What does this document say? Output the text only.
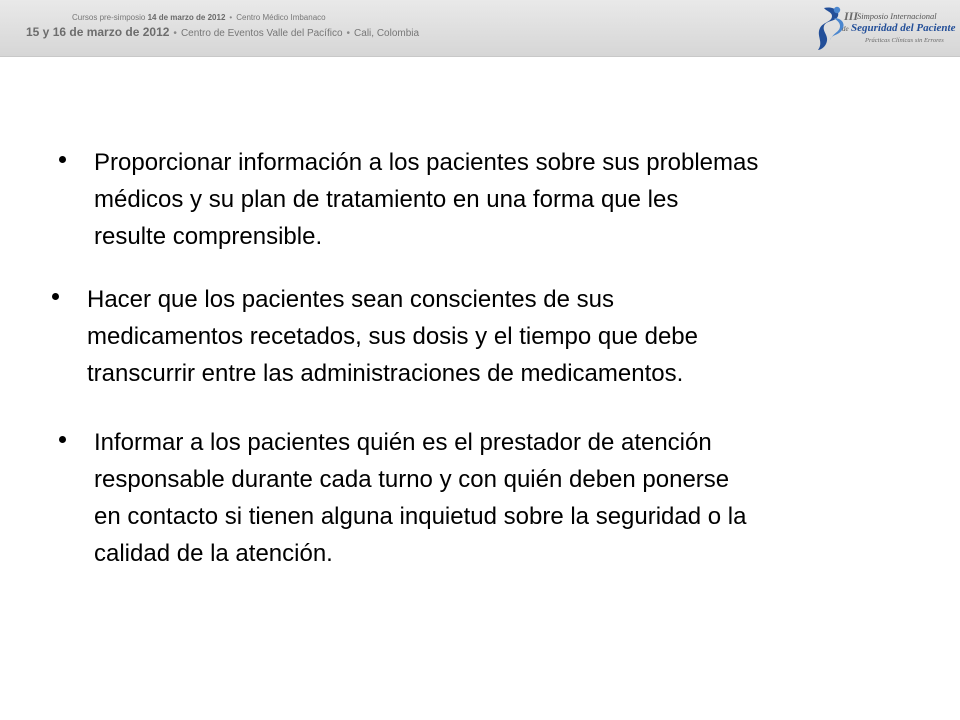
Cursos pre-simposio 14 de marzo de 2012 • Centro Médico Imbanaco
15 y 16 de marzo de 2012 • Centro de Eventos Valle del Pacífico • Cali, Colombia
III
Simposio Internacional
de Seguridad del Paciente
Prácticas Clínicas sin Errores
Proporcionar información a los pacientes sobre sus problemas
médicos y su plan de tratamiento en una forma que les
resulte comprensible.
Hacer que los pacientes sean conscientes de sus
medicamentos recetados, sus dosis y el tiempo que debe
transcurrir entre las administraciones de medicamentos.
Informar a los pacientes quién es el prestador de atención
responsable durante cada turno y con quién deben ponerse
en contacto si tienen alguna inquietud sobre la seguridad o la
calidad de la atención.
